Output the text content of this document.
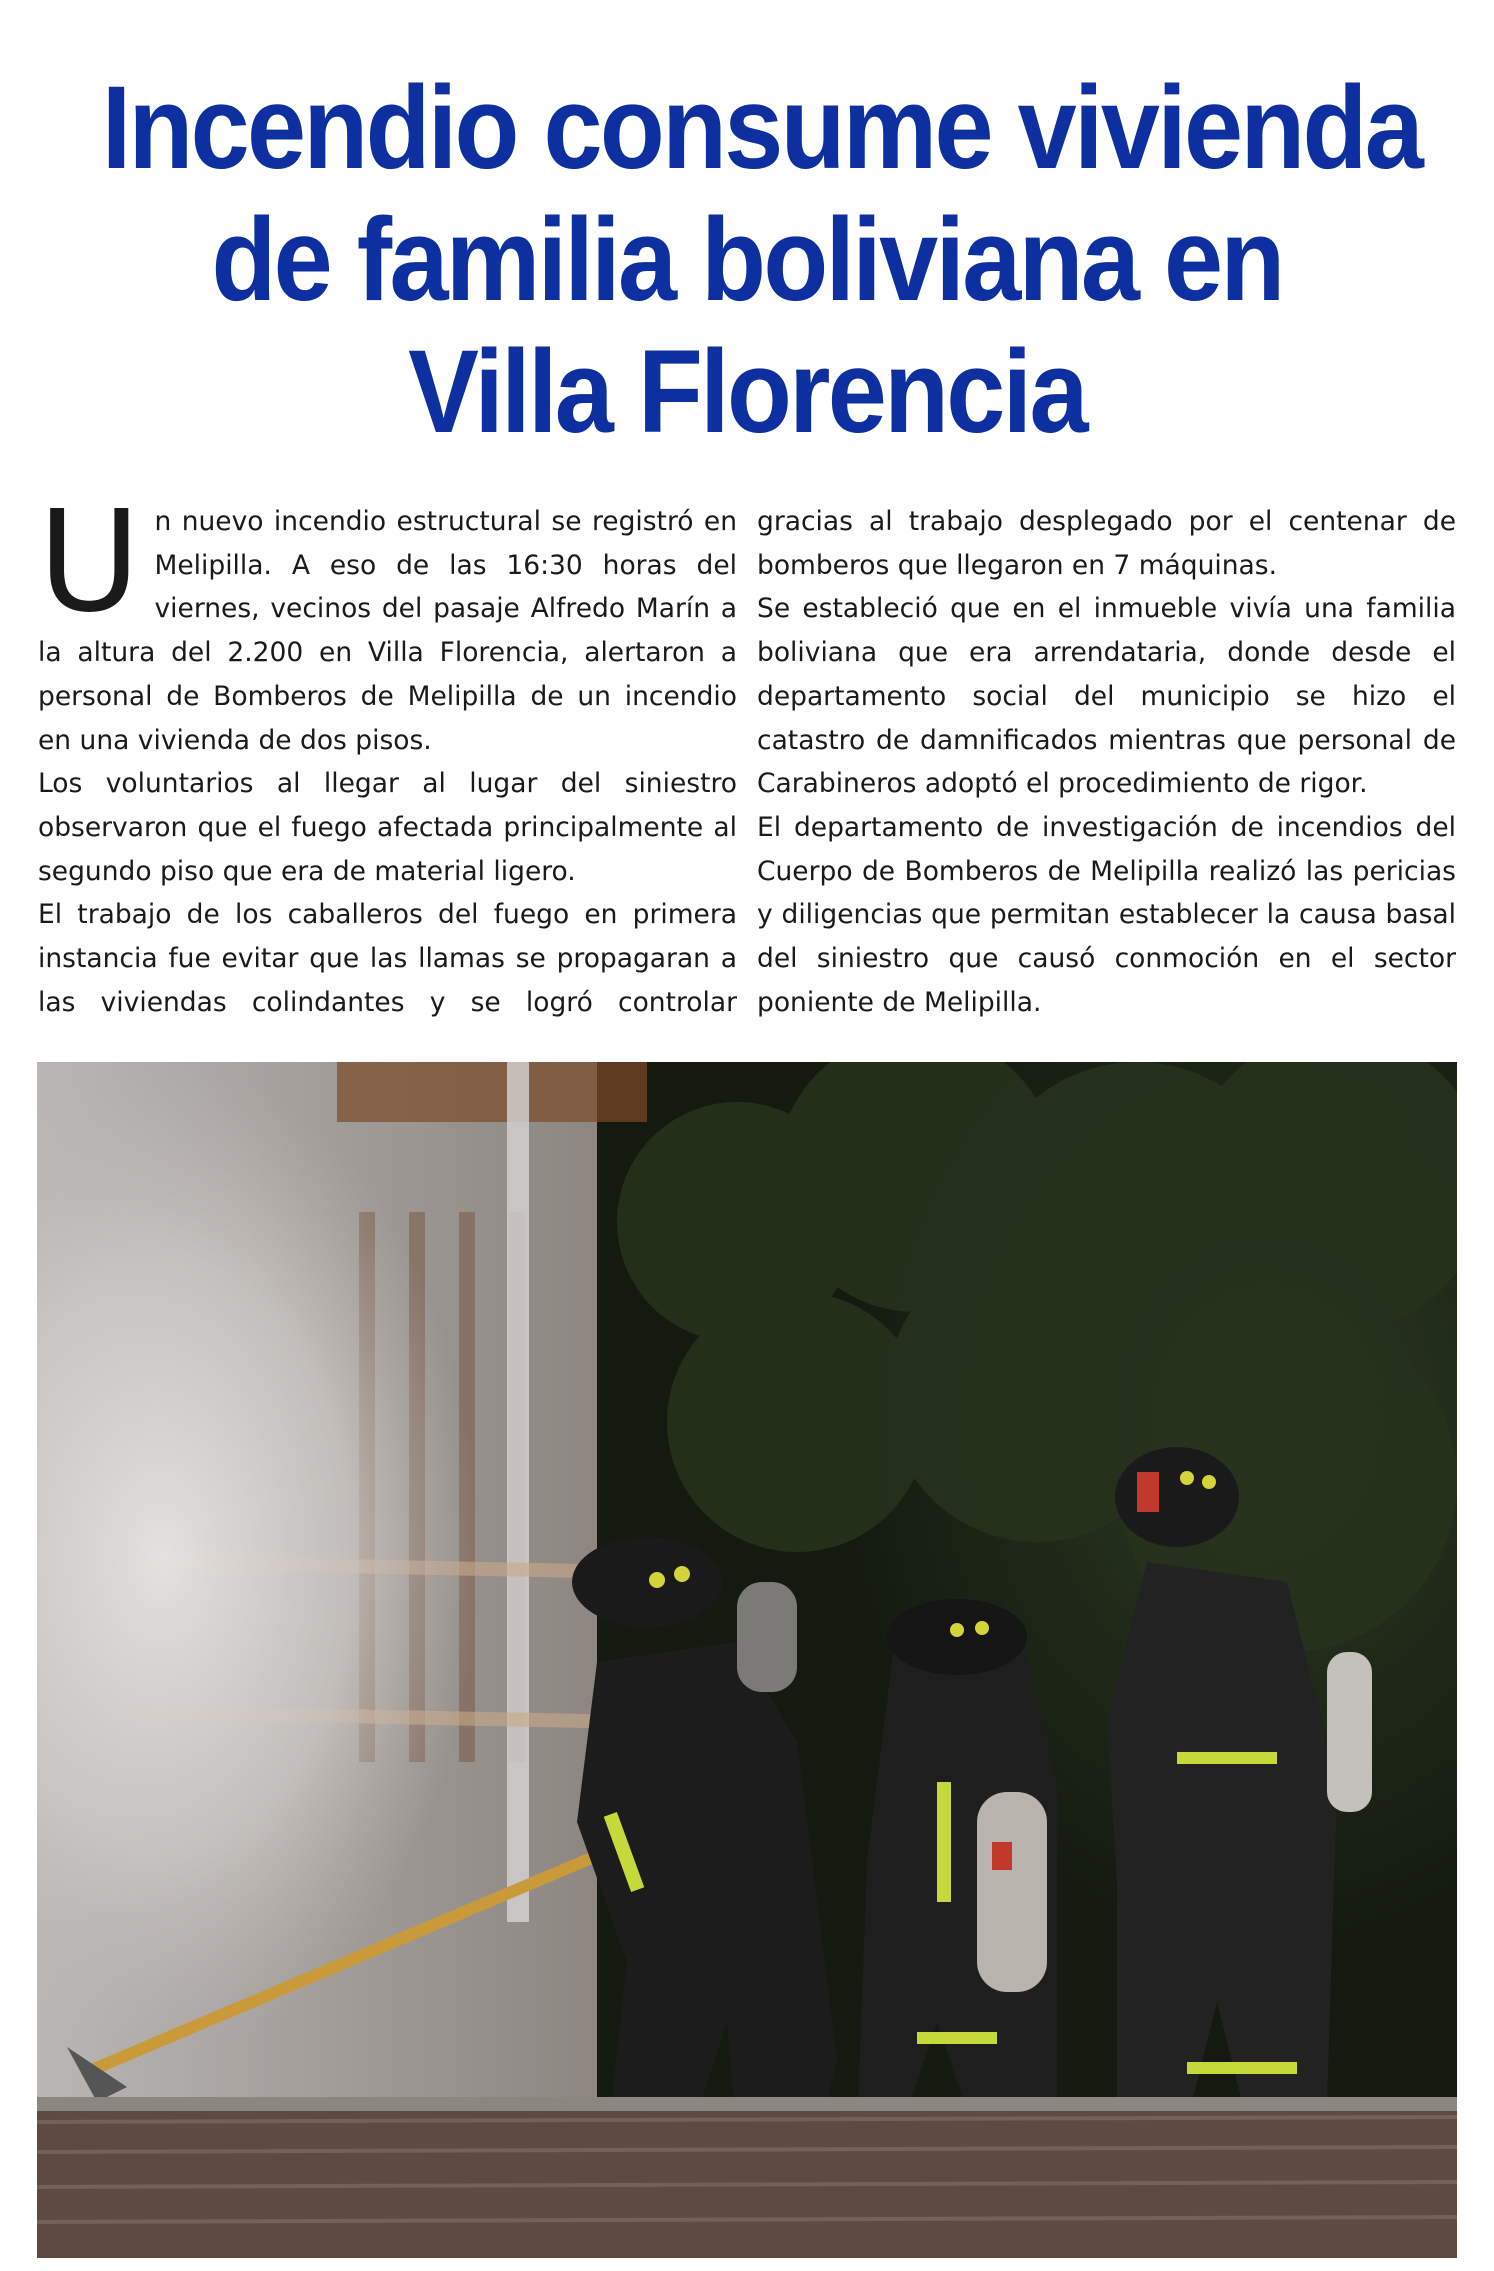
Incendio consume vivienda
de familia boliviana en
Villa Florencia

Un nuevo incendio estructural se registró en Melipilla. A eso de las 16:30 horas del viernes, vecinos del pasaje Alfredo Marín a la altura del 2.200 en Villa Florencia, alertaron a personal de Bomberos de Melipilla de un incendio en una vivienda de dos pisos.

Los voluntarios al llegar al lugar del siniestro observaron que el fuego afectada principalmente al segundo piso que era de material ligero.

El trabajo de los caballeros del fuego en primera instancia fue evitar que las llamas se propagaran a las viviendas colindantes y se logró controlar gracias al trabajo desplegado por el centenar de bomberos que llegaron en 7 máquinas.

Se estableció que en el inmueble vivía una familia boliviana que era arrendataria, donde desde el departamento social del municipio se hizo el catastro de damnificados mientras que personal de Carabineros adoptó el procedimiento de rigor.

El departamento de investigación de incendios del Cuerpo de Bomberos de Melipilla realizó las pericias y diligencias que permitan establecer la causa basal del siniestro que causó conmoción en el sector poniente de Melipilla.
